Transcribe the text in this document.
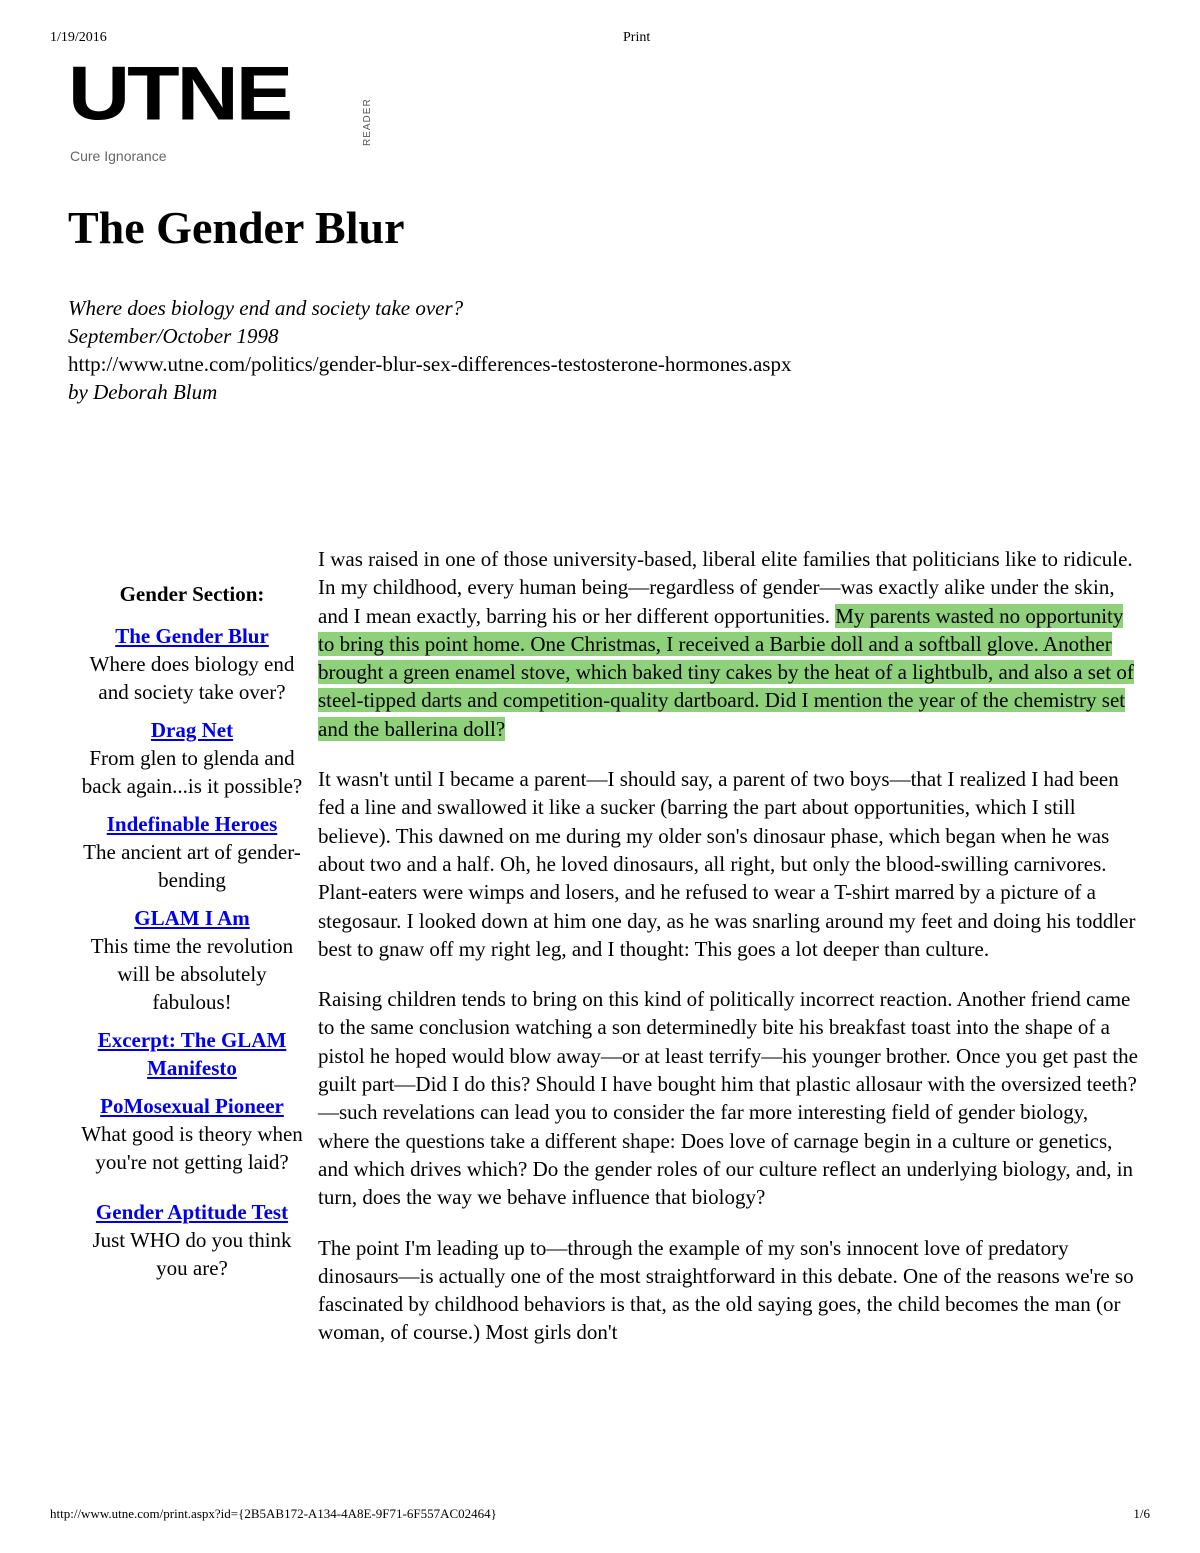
1/19/2016	Print
UTNE	READER
Cure Ignorance
The Gender Blur
Where does biology end and society take over?
September/October 1998
http://www.utne.com/politics/gender-blur-sex-differences-testosterone-hormones.aspx
by Deborah Blum
Gender Section:
The Gender Blur
Where does biology end and society take over?
Drag Net
From glen to glenda and back again...is it possible?
Indefinable Heroes
The ancient art of gender-bending
GLAM I Am
This time the revolution will be absolutely fabulous!
Excerpt: The GLAM Manifesto
PoMosexual Pioneer
What good is theory when you're not getting laid?
Gender Aptitude Test
Just WHO do you think you are?

I was raised in one of those university-based, liberal elite families that politicians like to ridicule. In my childhood, every human being—regardless of gender—was exactly alike under the skin, and I mean exactly, barring his or her different opportunities. My parents wasted no opportunity to bring this point home. One Christmas, I received a Barbie doll and a softball glove. Another brought a green enamel stove, which baked tiny cakes by the heat of a lightbulb, and also a set of steel-tipped darts and competition-quality dartboard. Did I mention the year of the chemistry set and the ballerina doll?

It wasn't until I became a parent—I should say, a parent of two boys—that I realized I had been fed a line and swallowed it like a sucker (barring the part about opportunities, which I still believe). This dawned on me during my older son's dinosaur phase, which began when he was about two and a half. Oh, he loved dinosaurs, all right, but only the blood-swilling carnivores. Plant-eaters were wimps and losers, and he refused to wear a T-shirt marred by a picture of a stegosaur. I looked down at him one day, as he was snarling around my feet and doing his toddler best to gnaw off my right leg, and I thought: This goes a lot deeper than culture.

Raising children tends to bring on this kind of politically incorrect reaction. Another friend came to the same conclusion watching a son determinedly bite his breakfast toast into the shape of a pistol he hoped would blow away—or at least terrify—his younger brother. Once you get past the guilt part—Did I do this? Should I have bought him that plastic allosaur with the oversized teeth?—such revelations can lead you to consider the far more interesting field of gender biology, where the questions take a different shape: Does love of carnage begin in a culture or genetics, and which drives which? Do the gender roles of our culture reflect an underlying biology, and, in turn, does the way we behave influence that biology?

The point I'm leading up to—through the example of my son's innocent love of predatory dinosaurs—is actually one of the most straightforward in this debate. One of the reasons we're so fascinated by childhood behaviors is that, as the old saying goes, the child becomes the man (or woman, of course.) Most girls don't

http://www.utne.com/print.aspx?id={2B5AB172-A134-4A8E-9F71-6F557AC02464}	1/6
